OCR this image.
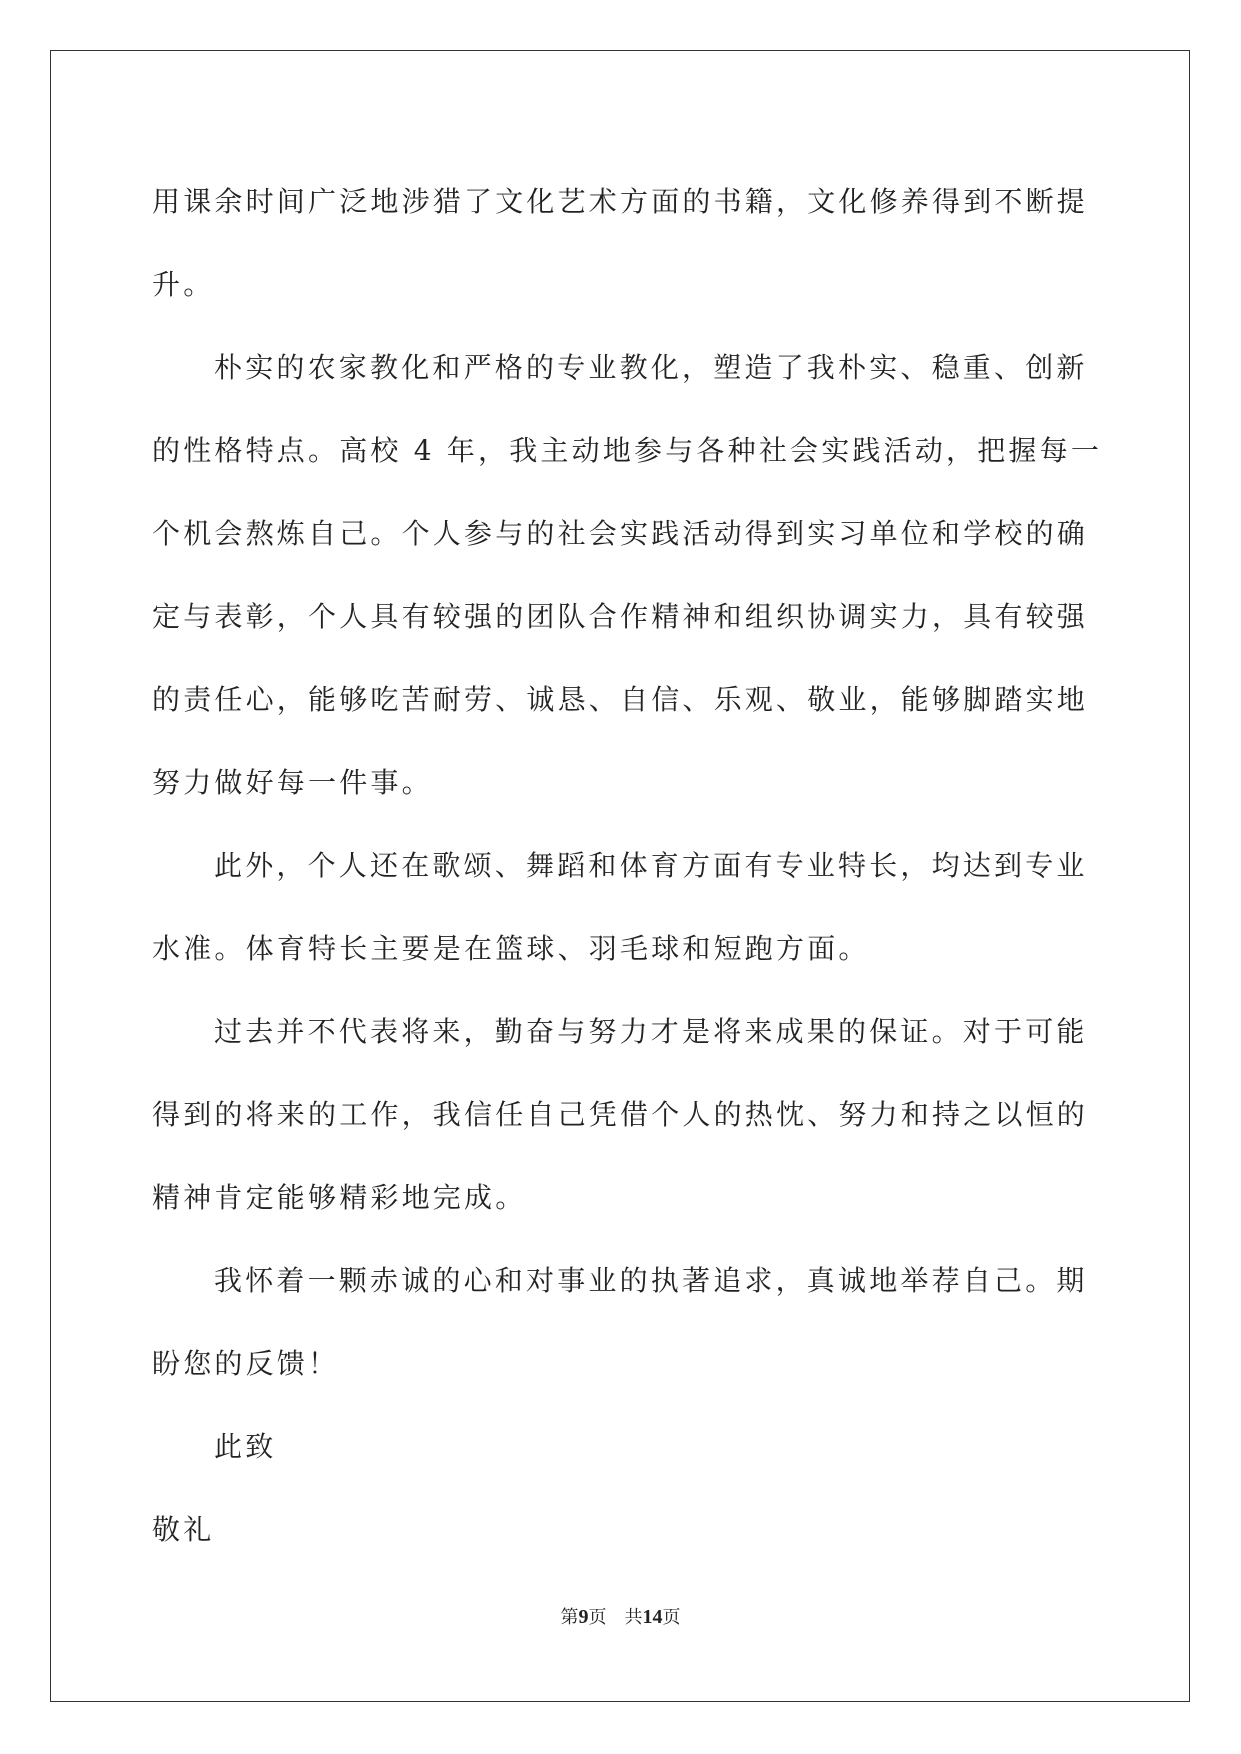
用课余时间广泛地涉猎了文化艺术方面的书籍，文化修养得到不断提
升。

朴实的农家教化和严格的专业教化，塑造了我朴实、稳重、创新
的性格特点。高校 4 年，我主动地参与各种社会实践活动，把握每一
个机会熬炼自己。个人参与的社会实践活动得到实习单位和学校的确
定与表彰，个人具有较强的团队合作精神和组织协调实力，具有较强
的责任心，能够吃苦耐劳、诚恳、自信、乐观、敬业，能够脚踏实地
努力做好每一件事。

此外，个人还在歌颂、舞蹈和体育方面有专业特长，均达到专业
水准。体育特长主要是在篮球、羽毛球和短跑方面。

过去并不代表将来，勤奋与努力才是将来成果的保证。对于可能
得到的将来的工作，我信任自己凭借个人的热忱、努力和持之以恒的
精神肯定能够精彩地完成。

我怀着一颗赤诚的心和对事业的执著追求，真诚地举荐自己。期
盼您的反馈！

此致

敬礼

第9页 共14页
